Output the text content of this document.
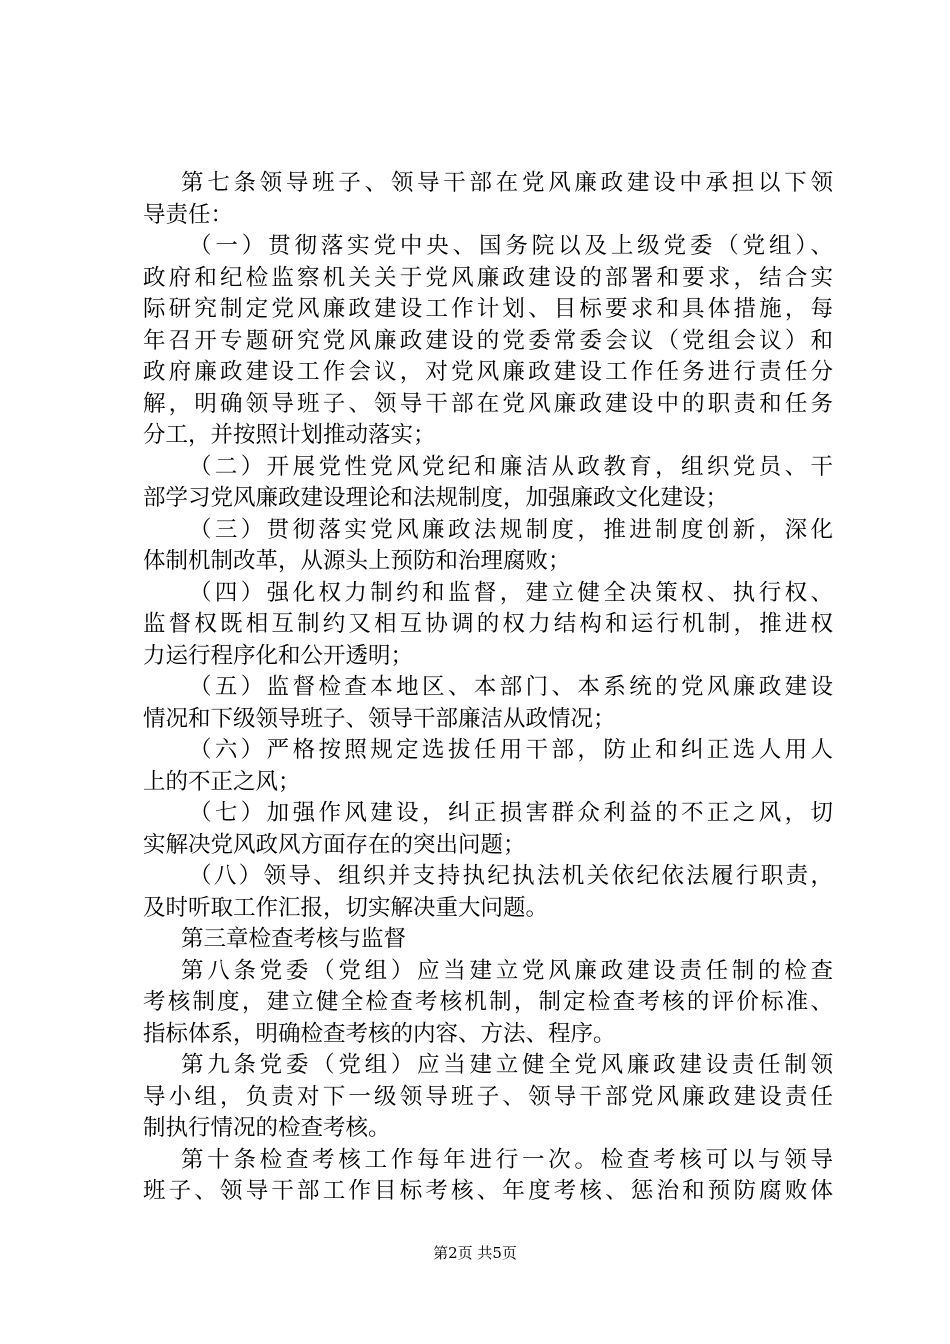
第七条领导班子、领导干部在党风廉政建设中承担以下领
导责任：
（一）贯彻落实党中央、国务院以及上级党委（党组）、
政府和纪检监察机关关于党风廉政建设的部署和要求，结合实
际研究制定党风廉政建设工作计划、目标要求和具体措施，每
年召开专题研究党风廉政建设的党委常委会议（党组会议）和
政府廉政建设工作会议，对党风廉政建设工作任务进行责任分
解，明确领导班子、领导干部在党风廉政建设中的职责和任务
分工，并按照计划推动落实；
（二）开展党性党风党纪和廉洁从政教育，组织党员、干
部学习党风廉政建设理论和法规制度，加强廉政文化建设；
（三）贯彻落实党风廉政法规制度，推进制度创新，深化
体制机制改革，从源头上预防和治理腐败；
（四）强化权力制约和监督，建立健全决策权、执行权、
监督权既相互制约又相互协调的权力结构和运行机制，推进权
力运行程序化和公开透明；
（五）监督检查本地区、本部门、本系统的党风廉政建设
情况和下级领导班子、领导干部廉洁从政情况；
（六）严格按照规定选拔任用干部，防止和纠正选人用人
上的不正之风；
（七）加强作风建设，纠正损害群众利益的不正之风，切
实解决党风政风方面存在的突出问题；
（八）领导、组织并支持执纪执法机关依纪依法履行职责，
及时听取工作汇报，切实解决重大问题。
第三章检查考核与监督
第八条党委（党组）应当建立党风廉政建设责任制的检查
考核制度，建立健全检查考核机制，制定检查考核的评价标准、
指标体系，明确检查考核的内容、方法、程序。
第九条党委（党组）应当建立健全党风廉政建设责任制领
导小组，负责对下一级领导班子、领导干部党风廉政建设责任
制执行情况的检查考核。
第十条检查考核工作每年进行一次。检查考核可以与领导
班子、领导干部工作目标考核、年度考核、惩治和预防腐败体
第2页 共5页
